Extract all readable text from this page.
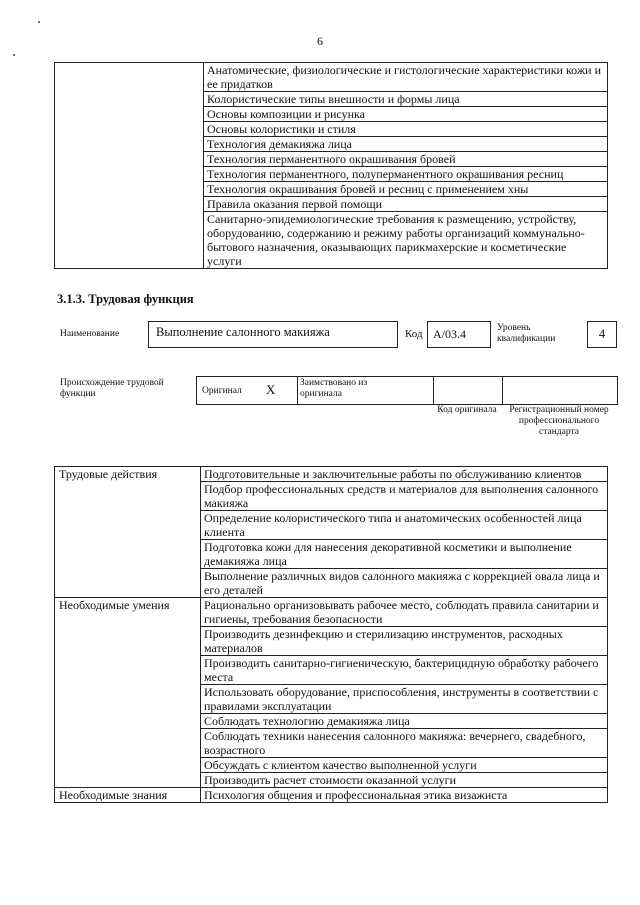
6
	Анатомические, физиологические и гистологические характеристики кожи и ее придатков
Колористические типы внешности и формы лица
Основы композиции и рисунка
Основы колористики и стиля
Технология демакияжа лица
Технология перманентного окрашивания бровей
Технология перманентного, полуперманентного окрашивания ресниц
Технология окрашивания бровей и ресниц с применением хны
Правила оказания первой помощи
Санитарно-эпидемиологические требования к размещению, устройству, оборудованию, содержанию и режиму работы организаций коммунально-бытового назначения, оказывающих парикмахерские и косметические услуги
3.1.3. Трудовая функция
Наименование	Выполнение салонного макияжа	Код А/03.4	Уровень квалификации	4
Происхождение трудовой функции	Оригинал X	Заимствовано из оригинала
Код оригинала	Регистрационный номер профессионального стандарта
Трудовые действия	Подготовительные и заключительные работы по обслуживанию клиентов
	Подбор профессиональных средств и материалов для выполнения салонного макияжа
	Определение колористического типа и анатомических особенностей лица клиента
	Подготовка кожи для нанесения декоративной косметики и выполнение демакияжа лица
	Выполнение различных видов салонного макияжа с коррекцией овала лица и его деталей
Необходимые умения	Рационально организовывать рабочее место, соблюдать правила санитарии и гигиены, требования безопасности
	Производить дезинфекцию и стерилизацию инструментов, расходных материалов
	Производить санитарно-гигиеническую, бактерицидную обработку рабочего места
	Использовать оборудование, приспособления, инструменты в соответствии с правилами эксплуатации
	Соблюдать технологию демакияжа лица
	Соблюдать техники нанесения салонного макияжа: вечернего, свадебного, возрастного
	Обсуждать с клиентом качество выполненной услуги
	Производить расчет стоимости оказанной услуги
Необходимые знания	Психология общения и профессиональная этика визажиста
